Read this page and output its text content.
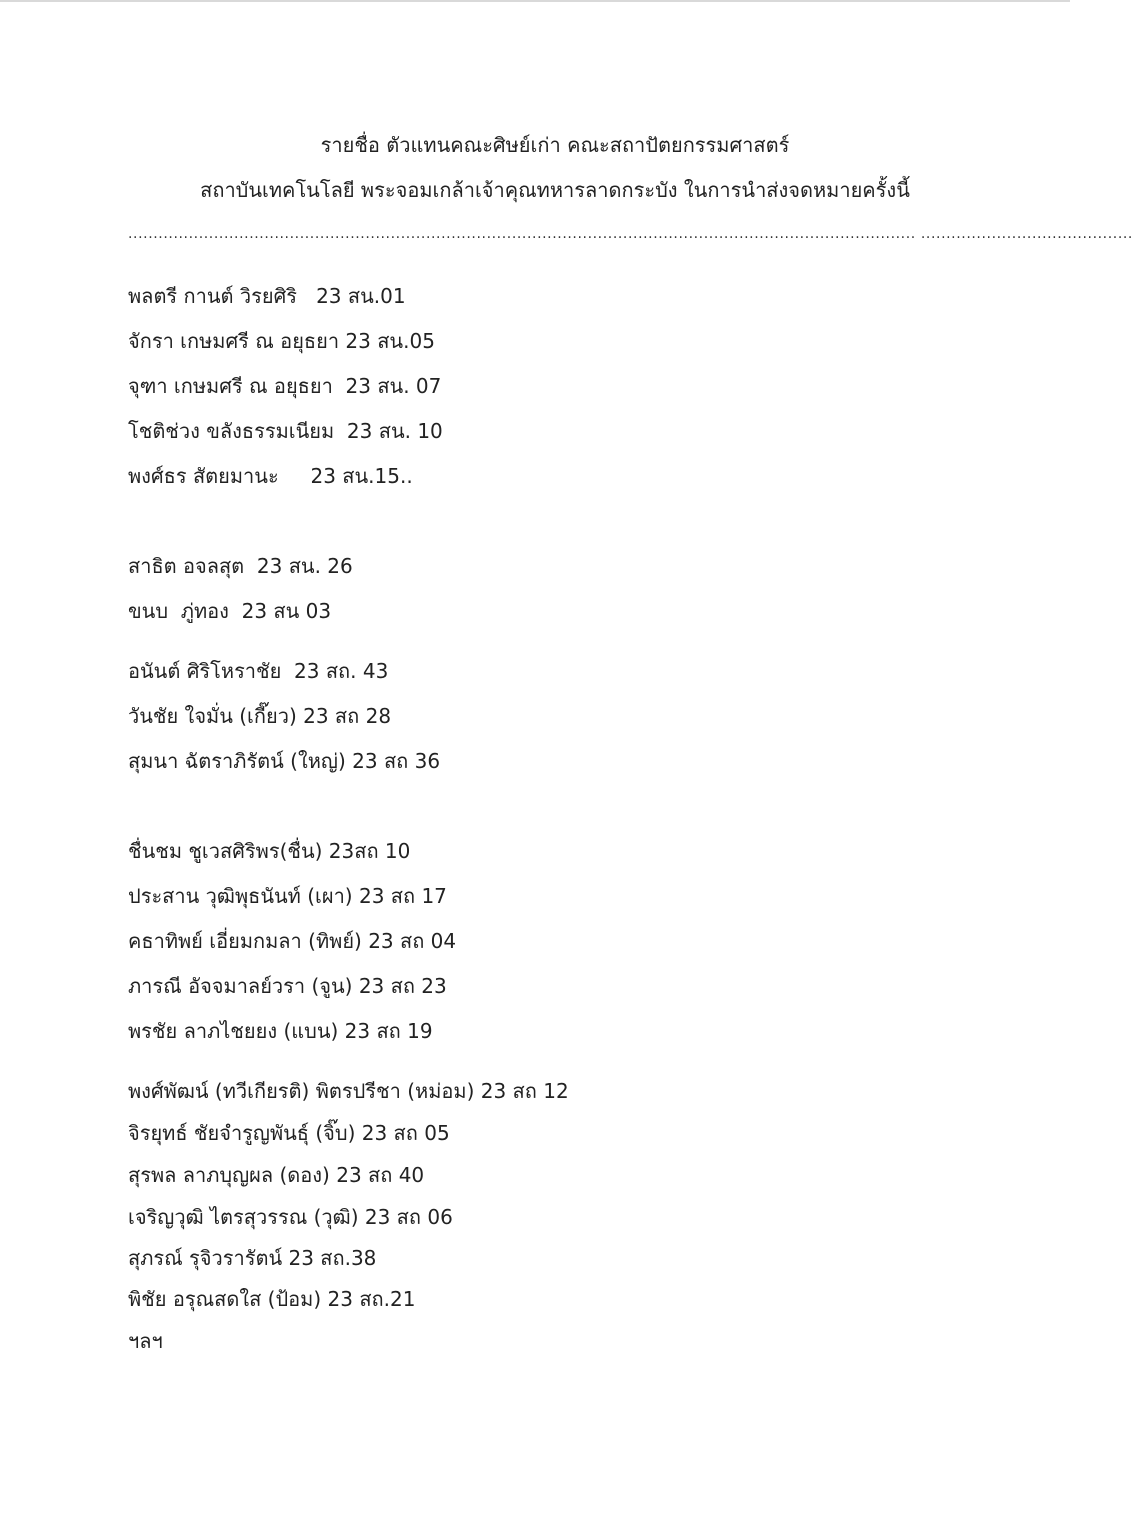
รายชื่อ ตัวแทนคณะศิษย์เก่า คณะสถาปัตยกรรมศาสตร์
สถาบันเทคโนโลยี พระจอมเกล้าเจ้าคุณทหารลาดกระบัง ในการนำส่งจดหมายครั้งนี้
............................................................................................................................................................ ..........................................
พลตรี กานต์ วิรยศิริ   23 สน.01
จักรา เกษมศรี ณ อยุธยา 23 สน.05
จุฑา เกษมศรี ณ อยุธยา  23 สน. 07
โชติช่วง ขลังธรรมเนียม  23 สน. 10
พงศ์ธร สัตยมานะ     23 สน.15..
สาธิต อจลสุต  23 สน. 26
ขนบ  ภู่ทอง  23 สน 03
อนันต์ ศิริโหราชัย  23 สถ. 43
วันชัย ใจมั่น (เกี๊ยว) 23 สถ 28
สุมนา ฉัตราภิรัตน์ (ใหญ่) 23 สถ 36
ชื่นชม ชูเวสศิริพร(ชื่น) 23สถ 10
ประสาน วุฒิพุธนันท์ (เผา) 23 สถ 17
คธาทิพย์ เอี่ยมกมลา (ทิพย์) 23 สถ 04
ภารณี อัจจมาลย์วรา (จูน) 23 สถ 23
พรชัย ลาภไชยยง (แบน) 23 สถ 19
พงศ์พัฒน์ (ทวีเกียรติ) พิตรปรีชา (หม่อม) 23 สถ 12
จิรยุทธ์ ชัยจำรูญพันธุ์ (จิ๊บ) 23 สถ 05
สุรพล ลาภบุญผล (ดอง) 23 สถ 40
เจริญวุฒิ ไตรสุวรรณ (วุฒิ) 23 สถ 06
สุภรณ์ รุจิวรารัตน์ 23 สถ.38
พิชัย อรุณสดใส (ป้อม) 23 สถ.21
ฯลฯ
